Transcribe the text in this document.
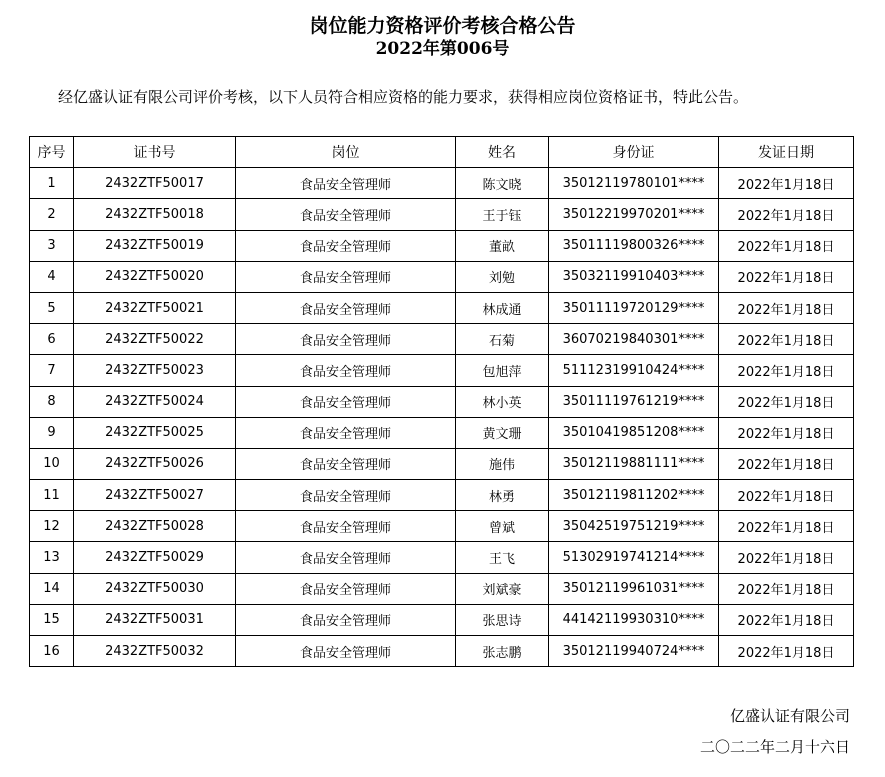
岗位能力资格评价考核合格公告
2022年第006号
经亿盛认证有限公司评价考核，以下人员符合相应资格的能力要求，获得相应岗位资格证书，特此公告。
序号	证书号	岗位	姓名	身份证	发证日期
1	2432ZTF50017	食品安全管理师	陈文晓	35012119780101****	2022年1月18日
2	2432ZTF50018	食品安全管理师	王于钰	35012219970201****	2022年1月18日
3	2432ZTF50019	食品安全管理师	董畝	35011119800326****	2022年1月18日
4	2432ZTF50020	食品安全管理师	刘勉	35032119910403****	2022年1月18日
5	2432ZTF50021	食品安全管理师	林成通	35011119720129****	2022年1月18日
6	2432ZTF50022	食品安全管理师	石菊	36070219840301****	2022年1月18日
7	2432ZTF50023	食品安全管理师	包旭萍	51112319910424****	2022年1月18日
8	2432ZTF50024	食品安全管理师	林小英	35011119761219****	2022年1月18日
9	2432ZTF50025	食品安全管理师	黄文珊	35010419851208****	2022年1月18日
10	2432ZTF50026	食品安全管理师	施伟	35012119881111****	2022年1月18日
11	2432ZTF50027	食品安全管理师	林勇	35012119811202****	2022年1月18日
12	2432ZTF50028	食品安全管理师	曾斌	35042519751219****	2022年1月18日
13	2432ZTF50029	食品安全管理师	王飞	51302919741214****	2022年1月18日
14	2432ZTF50030	食品安全管理师	刘斌豪	35012119961031****	2022年1月18日
15	2432ZTF50031	食品安全管理师	张思诗	44142119930310****	2022年1月18日
16	2432ZTF50032	食品安全管理师	张志鹏	35012119940724****	2022年1月18日
亿盛认证有限公司
二〇二二年二月十六日
